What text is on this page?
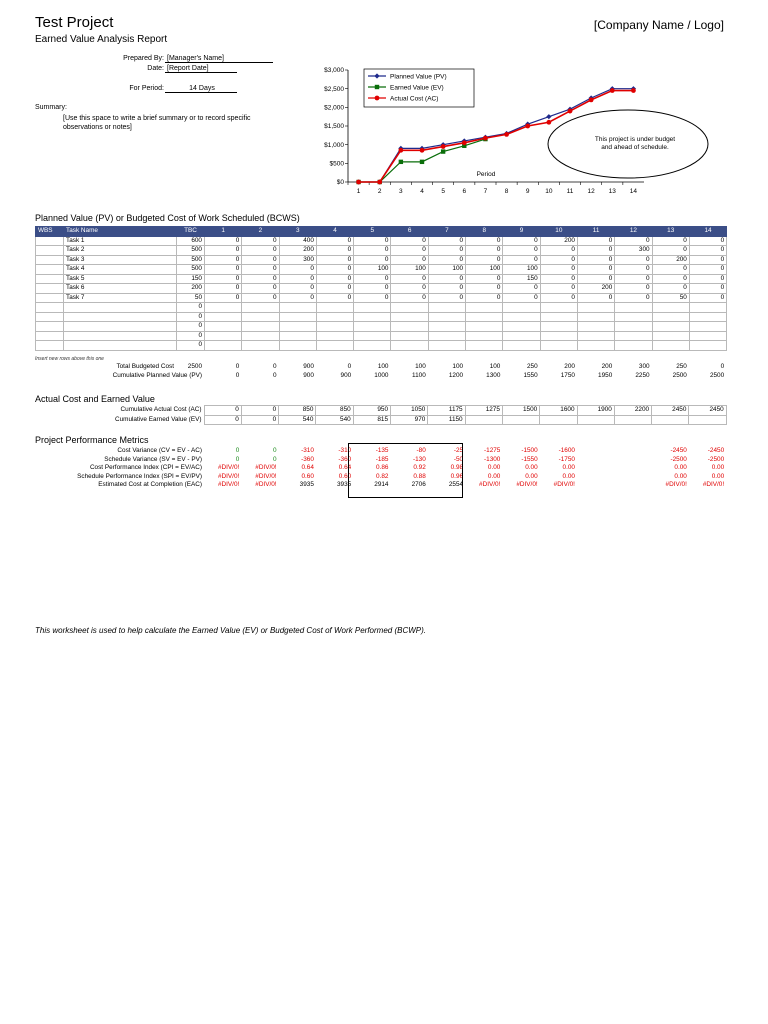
Test Project
Earned Value Analysis Report
[Company Name / Logo]
Prepared By: [Manager's Name]
Date: [Report Date]
For Period:	14 Days
Summary:
[Use this space to write a brief summary or to record specific observations or notes]
$0
$500
$1,000
$1,500
$2,000
$2,500
$3,000
1	2	3	4	5	6	7	8	9 10 11 12 13 14
Period
Planned Value (PV)
Earned Value (EV)
Actual Cost (AC)
This project is under budget and ahead of schedule.
Planned Value (PV) or Budgeted Cost of Work Scheduled (BCWS)
WBS	Task Name	TBC	1	2	3	4	5	6	7	8	9	10	11	12	13	14
	Task 1	600	0	0	400	0	0	0	0	0	0	200	0	0	0	0
	Task 2	500	0	0	200	0	0	0	0	0	0	0	0	300	0	0
	Task 3	500	0	0	300	0	0	0	0	0	0	0	0	0	200	0
	Task 4	500	0	0	0	0	100	100	100	100	100	0	0	0	0	0
	Task 5	150	0	0	0	0	0	0	0	0	150	0	0	0	0	0
	Task 6	200	0	0	0	0	0	0	0	0	0	0	200	0	0	0
	Task 7	50	0	0	0	0	0	0	0	0	0	0	0	0	50	0
		0														
		0														
		0														
		0														
		0														
Insert new rows above this one
Total Budgeted Cost	2500	0	0	900	0	100	100	100	100	250	200	200	300	250	0
Cumulative Planned Value (PV)		0	0	900	900	1000	1100	1200	1300	1550	1750	1950	2250	2500	2500
Actual Cost and Earned Value
Cumulative Actual Cost (AC)	0	0	850	850	950	1050	1175	1275	1500	1600	1900	2200	2450	2450
Cumulative Earned Value (EV)	0	0	540	540	815	970	1150							
Project Performance Metrics
Cost Variance (CV = EV - AC)	0	0	-310	-310	-135	-80	-25	-1275	-1500	-1600			-2450	-2450
Schedule Variance (SV = EV - PV)	0	0	-360	-360	-185	-130	-50	-1300	-1550	-1750			-2500	-2500
Cost Performance Index (CPI = EV/AC)	#DIV/0!	#DIV/0!	0.64	0.64	0.86	0.92	0.98	0.00	0.00	0.00			0.00	0.00
Schedule Performance Index (SPI = EV/PV)	#DIV/0!	#DIV/0!	0.60	0.60	0.82	0.88	0.96	0.00	0.00	0.00			0.00	0.00
Estimated Cost at Completion (EAC)	#DIV/0!	#DIV/0!	3935	3935	2914	2706	2554	#DIV/0!	#DIV/0!	#DIV/0!			#DIV/0!	#DIV/0!
This worksheet is used to help calculate the Earned Value (EV) or Budgeted Cost of Work Performed (BCWP).
